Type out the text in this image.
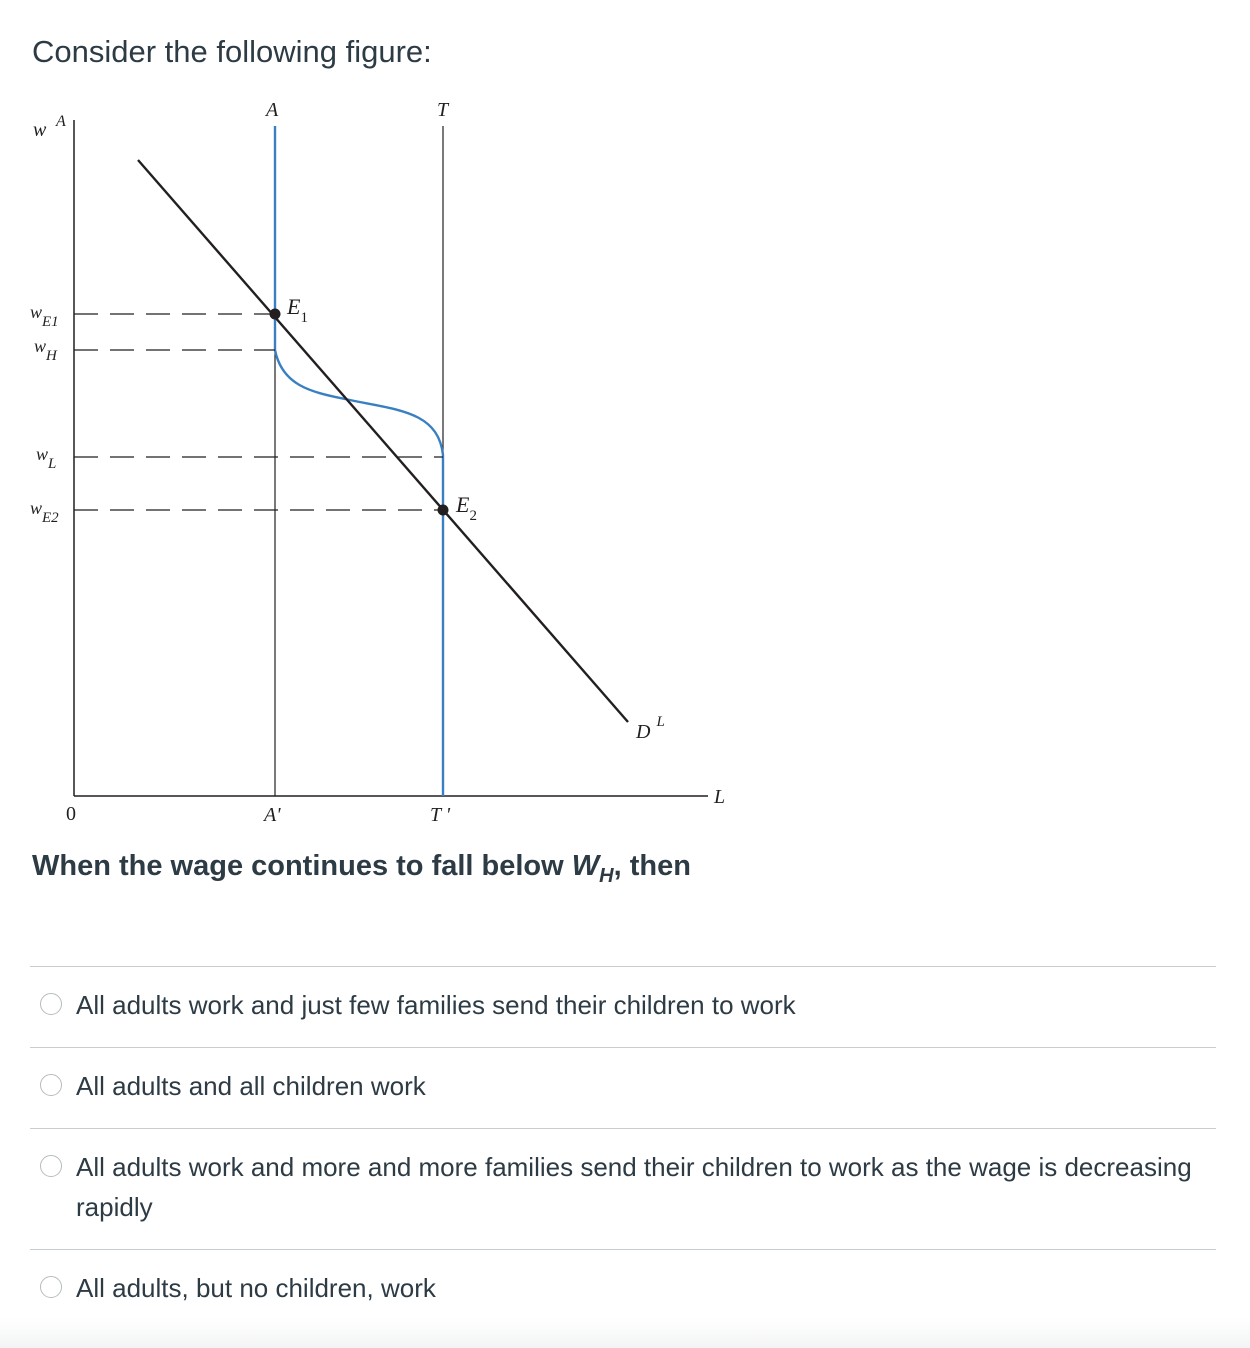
Consider the following figure:
w A
L
0
A	T
A'	T '
$E_1$
$E_2$
D $^L$
$w_{E1}$
$w_H$
$w_L$
$w_{E2}$

When the wage continues to fall below $W_H$, then

All adults work and just few families send their children to work
All adults and all children work
All adults work and more and more families send their children to work as the wage is decreasing rapidly
All adults, but no children, work
